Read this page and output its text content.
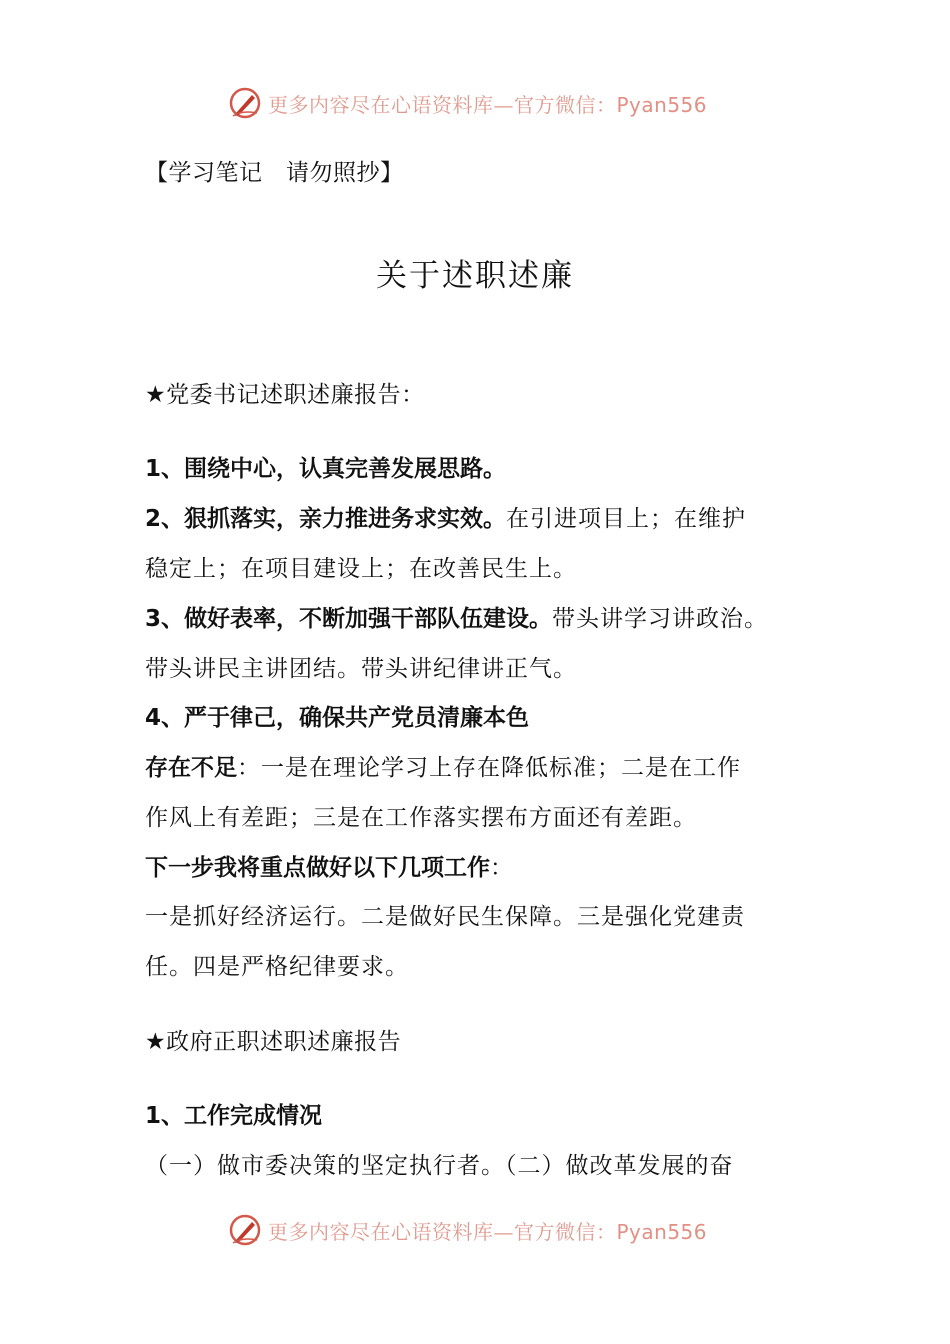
更多内容尽在心语资料库—官方微信：Pyan556
【学习笔记　请勿照抄】
关于述职述廉
★党委书记述职述廉报告：
1、围绕中心，认真完善发展思路。
2、狠抓落实，亲力推进务求实效。在引进项目上；在维护
稳定上；在项目建设上；在改善民生上。
3、做好表率，不断加强干部队伍建设。带头讲学习讲政治。
带头讲民主讲团结。带头讲纪律讲正气。
4、严于律己，确保共产党员清廉本色
存在不足：一是在理论学习上存在降低标准；二是在工作
作风上有差距；三是在工作落实摆布方面还有差距。
下一步我将重点做好以下几项工作：
一是抓好经济运行。二是做好民生保障。三是强化党建责
任。四是严格纪律要求。
★政府正职述职述廉报告
1、工作完成情况
（一）做市委决策的坚定执行者。（二）做改革发展的奋
更多内容尽在心语资料库—官方微信：Pyan556
